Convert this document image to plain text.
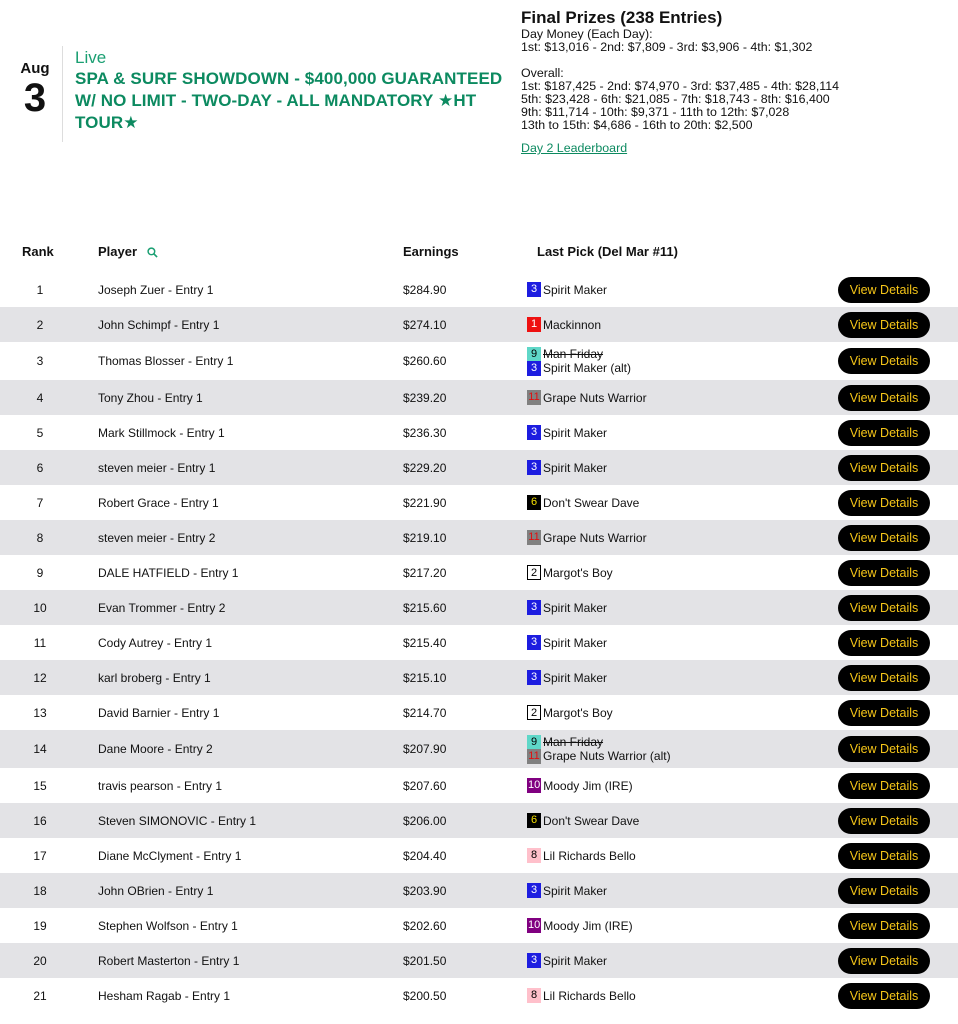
Aug
3
Live
SPA & SURF SHOWDOWN - $400,000 GUARANTEED W/ NO LIMIT - TWO-DAY - ALL MANDATORY ★HT TOUR★
Final Prizes (238 Entries)
Day Money (Each Day):
1st: $13,016 - 2nd: $7,809 - 3rd: $3,906 - 4th: $1,302
Overall:
1st: $187,425 - 2nd: $74,970 - 3rd: $37,485 - 4th: $28,114
5th: $23,428 - 6th: $21,085 - 7th: $18,743 - 8th: $16,400
9th: $11,714 - 10th: $9,371 - 11th to 12th: $7,028
13th to 15th: $4,686 - 16th to 20th: $2,500
Day 2 Leaderboard
Rank	Player	Earnings	Last Pick (Del Mar #11)
1	Joseph Zuer - Entry 1	$284.90	3 Spirit Maker	View Details
2	John Schimpf - Entry 1	$274.10	1 Mackinnon	View Details
3	Thomas Blosser - Entry 1	$260.60
9 Man Friday
3 Spirit Maker (alt)	View Details
4	Tony Zhou - Entry 1	$239.20	11 Grape Nuts Warrior	View Details
5	Mark Stillmock - Entry 1	$236.30	3 Spirit Maker	View Details
6	steven meier - Entry 1	$229.20	3 Spirit Maker	View Details
7	Robert Grace - Entry 1	$221.90	6 Don't Swear Dave	View Details
8	steven meier - Entry 2	$219.10	11 Grape Nuts Warrior	View Details
9	DALE HATFIELD - Entry 1	$217.20	2 Margot's Boy	View Details
10	Evan Trommer - Entry 2	$215.60	3 Spirit Maker	View Details
11	Cody Autrey - Entry 1	$215.40	3 Spirit Maker	View Details
12	karl broberg - Entry 1	$215.10	3 Spirit Maker	View Details
13	David Barnier - Entry 1	$214.70	2 Margot's Boy	View Details
14	Dane Moore - Entry 2	$207.90
9 Man Friday
11 Grape Nuts Warrior (alt)	View Details
15	travis pearson - Entry 1	$207.60	10 Moody Jim (IRE)	View Details
16	Steven SIMONOVIC - Entry 1	$206.00	6 Don't Swear Dave	View Details
17	Diane McClyment - Entry 1	$204.40	8 Lil Richards Bello	View Details
18	John OBrien - Entry 1	$203.90	3 Spirit Maker	View Details
19	Stephen Wolfson - Entry 1	$202.60	10 Moody Jim (IRE)	View Details
20	Robert Masterton - Entry 1	$201.50	3 Spirit Maker	View Details
21	Hesham Ragab - Entry 1	$200.50	8 Lil Richards Bello	View Details
